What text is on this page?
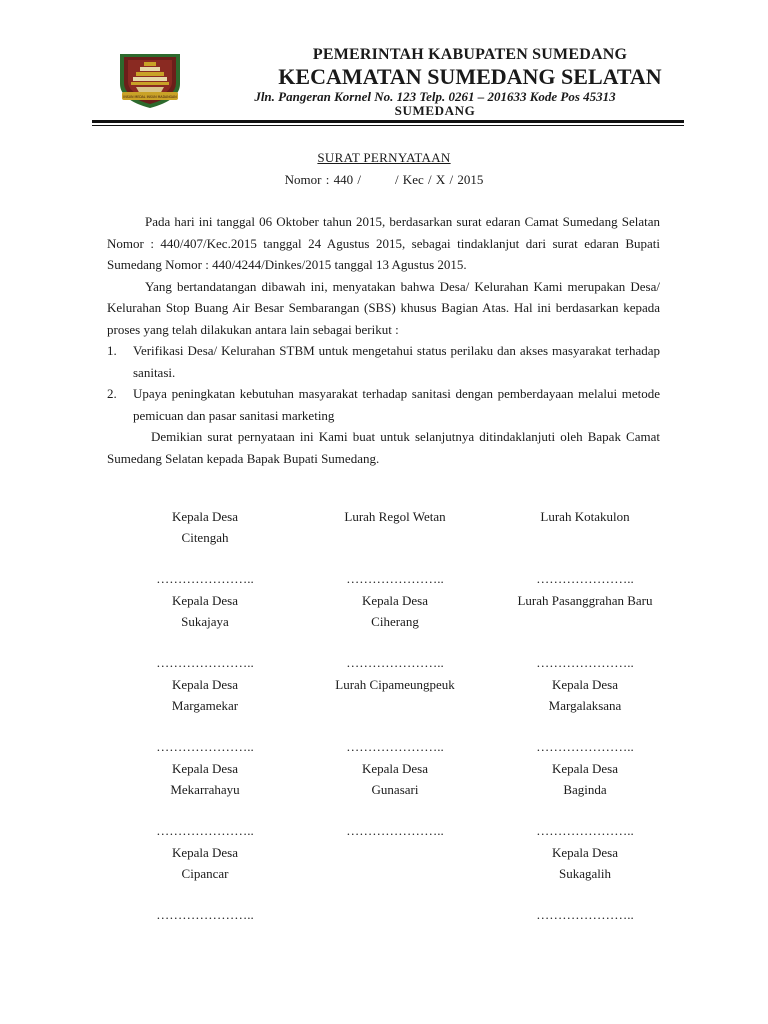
INSUN MEDAL INSUN MADANGAN
PEMERINTAH KABUPATEN SUMEDANG
KECAMATAN SUMEDANG SELATAN
Jln. Pangeran Kornel No. 123 Telp. 0261 – 201633 Kode Pos 45313
SUMEDANG
SURAT PERNYATAAN
Nomor : 440 /        / Kec / X / 2015

Pada hari ini tanggal 06 Oktober tahun 2015, berdasarkan surat edaran Camat Sumedang Selatan Nomor : 440/407/Kec.2015 tanggal 24 Agustus 2015, sebagai tindaklanjut dari surat edaran Bupati Sumedang Nomor : 440/4244/Dinkes/2015 tanggal 13 Agustus 2015.

Yang bertandatangan dibawah ini, menyatakan bahwa Desa/ Kelurahan Kami merupakan Desa/ Kelurahan Stop Buang Air Besar Sembarangan (SBS) khusus Bagian Atas. Hal ini berdasarkan kepada proses yang telah dilakukan antara lain sebagai berikut :

1. Verifikasi Desa/ Kelurahan STBM untuk mengetahui status perilaku dan akses masyarakat terhadap sanitasi.
2. Upaya peningkatan kebutuhan masyarakat terhadap sanitasi dengan pemberdayaan melalui metode pemicuan dan pasar sanitasi marketing

Demikian surat pernyataan ini Kami buat untuk selanjutnya ditindaklanjuti oleh Bapak Camat Sumedang Selatan kepada Bapak Bupati Sumedang.

Kepala Desa
Citengah
…………………..
Lurah Regol Wetan
…………………..
Lurah Kotakulon
…………………..
Kepala Desa
Sukajaya
…………………..
Kepala Desa
Ciherang
…………………..
Lurah Pasanggrahan Baru
…………………..
Kepala Desa
Margamekar
…………………..
Lurah Cipameungpeuk
…………………..
Kepala Desa
Margalaksana
…………………..
Kepala Desa
Mekarrahayu
…………………..
Kepala Desa
Gunasari
…………………..
Kepala Desa
Baginda
…………………..
Kepala Desa
Cipancar
…………………..
Kepala Desa
Sukagalih
…………………..
